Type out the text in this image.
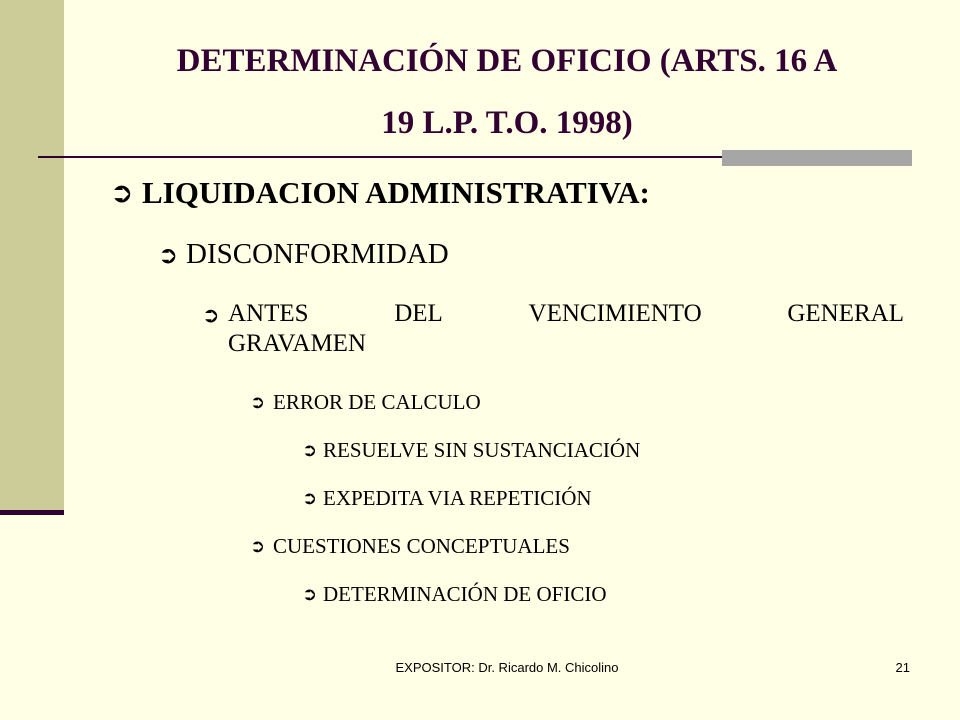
DETERMINACIÓN DE OFICIO (ARTS. 16 A
19 L.P. T.O. 1998)
➲ LIQUIDACION ADMINISTRATIVA:
➲ DISCONFORMIDAD
➲ ANTES	DEL	VENCIMIENTO	GENERAL
GRAVAMEN
➲ ERROR DE CALCULO
➲ RESUELVE SIN SUSTANCIACIÓN
➲ EXPEDITA VIA REPETICIÓN
➲ CUESTIONES CONCEPTUALES
➲ DETERMINACIÓN DE OFICIO
EXPOSITOR: Dr. Ricardo M. Chicolino	21
